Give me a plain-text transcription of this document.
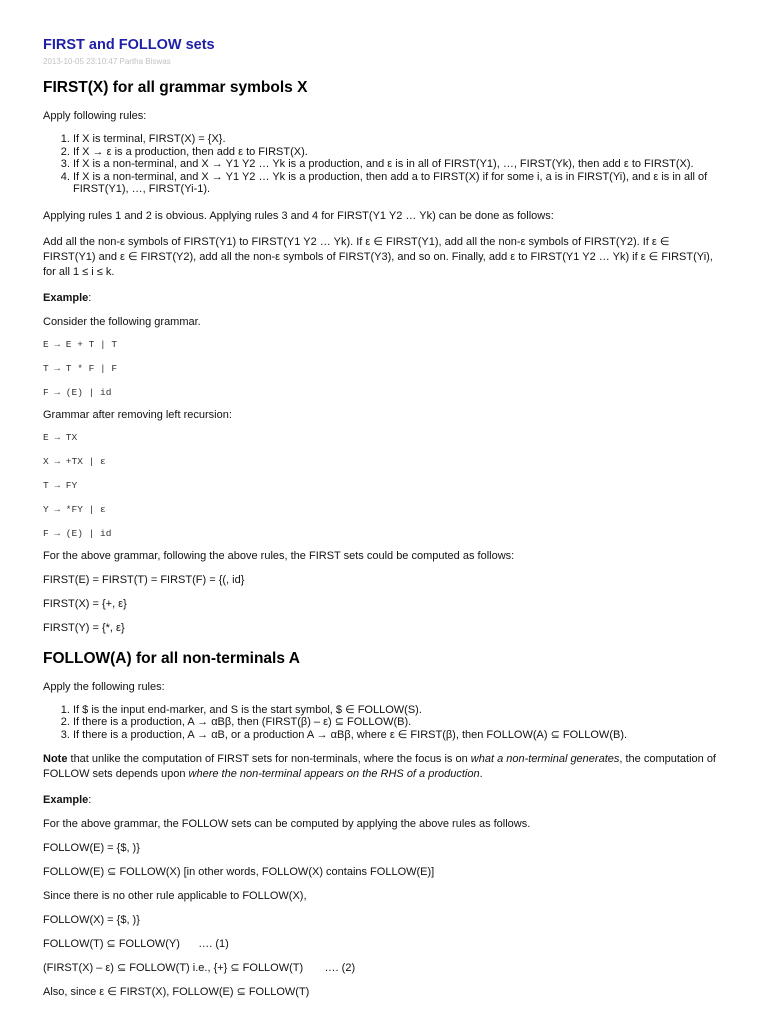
FIRST and FOLLOW sets
2013-10-05 23:10:47 Partha Biswas
FIRST(X) for all grammar symbols X

Apply following rules:

1. If X is terminal, FIRST(X) = {X}.
2. If X → ε is a production, then add ε to FIRST(X).
3. If X is a non-terminal, and X → Y1 Y2 … Yk is a production, and ε is in all of FIRST(Y1), …, FIRST(Yk), then add ε to FIRST(X).
4. If X is a non-terminal, and X → Y1 Y2 … Yk is a production, then add a to FIRST(X) if for some i, a is in FIRST(Yi), and ε is in all of FIRST(Y1), …, FIRST(Yi-1).

Applying rules 1 and 2 is obvious. Applying rules 3 and 4 for FIRST(Y1 Y2 … Yk) can be done as follows:

Add all the non-ε symbols of FIRST(Y1) to FIRST(Y1 Y2 … Yk). If ε ∈ FIRST(Y1), add all the non-ε symbols of FIRST(Y2). If ε ∈ FIRST(Y1) and ε ∈ FIRST(Y2), add all the non-ε symbols of FIRST(Y3), and so on. Finally, add ε to FIRST(Y1 Y2 … Yk) if ε ∈ FIRST(Yi), for all 1 ≤ i ≤ k.

Example:

Consider the following grammar.

E → E + T | T

T → T * F | F

F → (E) | id

Grammar after removing left recursion:

E → TX

X → +TX | ε

T → FY

Y → *FY | ε

F → (E) | id

For the above grammar, following the above rules, the FIRST sets could be computed as follows:

FIRST(E) = FIRST(T) = FIRST(F) = {(, id}

FIRST(X) = {+, ε}

FIRST(Y) = {*, ε}

FOLLOW(A) for all non-terminals A

Apply the following rules:

1. If $ is the input end-marker, and S is the start symbol, $ ∈ FOLLOW(S).
2. If there is a production, A → αBβ, then (FIRST(β) – ε) ⊆ FOLLOW(B).
3. If there is a production, A → αB, or a production A → αBβ, where ε ∈ FIRST(β), then FOLLOW(A) ⊆ FOLLOW(B).

Note that unlike the computation of FIRST sets for non-terminals, where the focus is on what a non-terminal generates, the computation of FOLLOW sets depends upon where the non-terminal appears on the RHS of a production.

Example:

For the above grammar, the FOLLOW sets can be computed by applying the above rules as follows.

FOLLOW(E) = {$, )}

FOLLOW(E) ⊆ FOLLOW(X) [in other words, FOLLOW(X) contains FOLLOW(E)]

Since there is no other rule applicable to FOLLOW(X),

FOLLOW(X) = {$, )}

FOLLOW(T) ⊆ FOLLOW(Y)      …. (1)

(FIRST(X) – ε) ⊆ FOLLOW(T) i.e., {+} ⊆ FOLLOW(T)       …. (2)

Also, since ε ∈ FIRST(X), FOLLOW(E) ⊆ FOLLOW(T)
